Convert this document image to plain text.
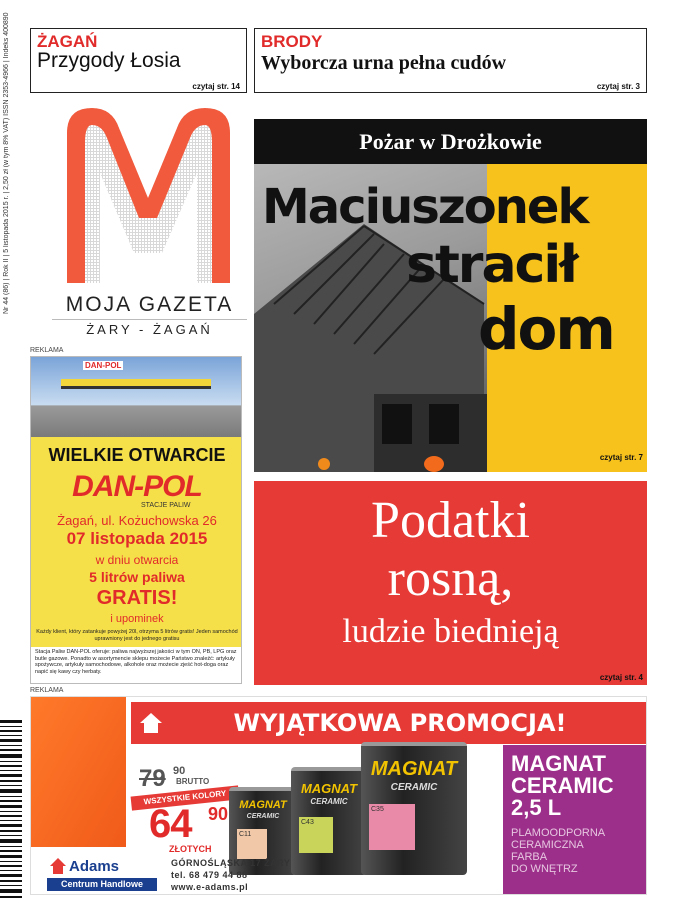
Nr 44 (86) | Rok II | 5 listopada 2015 r. | 2,50 zł (w tym 8% VAT) ISSN 2353-4966 | Indeks 400890 ŻAGAŃ
Przygody Łosia
czytaj str. 14
BRODY
Wyborcza urna pełna cudów
czytaj str. 3
MOJA GAZETA
ŻARY - ŻAGAŃ
Pożar w Drożkowie
Maciuszonek
stracił
dom
czytaj str. 7
Podatki
rosną,
ludzie biednieją
czytaj str. 4
REKLAMA
REKLAMA
DAN-POL
WIELKIE OTWARCIE
DAN-POL
STACJE PALIW
Żagań, ul. Kożuchowska 26
07 listopada 2015
w dniu otwarcia
5 litrów paliwa
GRATIS!
i upominek
Każdy klient, który zatankuje powyżej 20l, otrzyma 5 litrów gratis! Jeden samochód uprawniony jest do jednego gratisu
Stacja Paliw DAN-POL oferuje: paliwa najwyższej jakości w tym ON, PB, LPG oraz butle gazowe. Ponadto w asortymencie sklepu możecie Państwo znaleźć: artykuły spożywcze, artykuły samochodowe, alkohole oraz możecie zjeść hot-doga oraz napić się kawy czy herbaty.
WYJĄTKOWA PROMOCJA!
79 90
BRUTTO
WSZYSTKIE KOLORY
64 90
ZŁOTYCH
MAGNAT
CERAMIC
C11
MAGNAT
CERAMIC
C43
MAGNAT
CERAMIC
C35
MAGNAT
CERAMIC
2,5 L
PLAMOODPORNA
CERAMICZNA
FARBA
DO WNĘTRZ
Adams
Centrum Handlowe
GÓRNOŚLĄSKA 17 ŻARY
tel. 68 479 44 88
www.e-adams.pl
